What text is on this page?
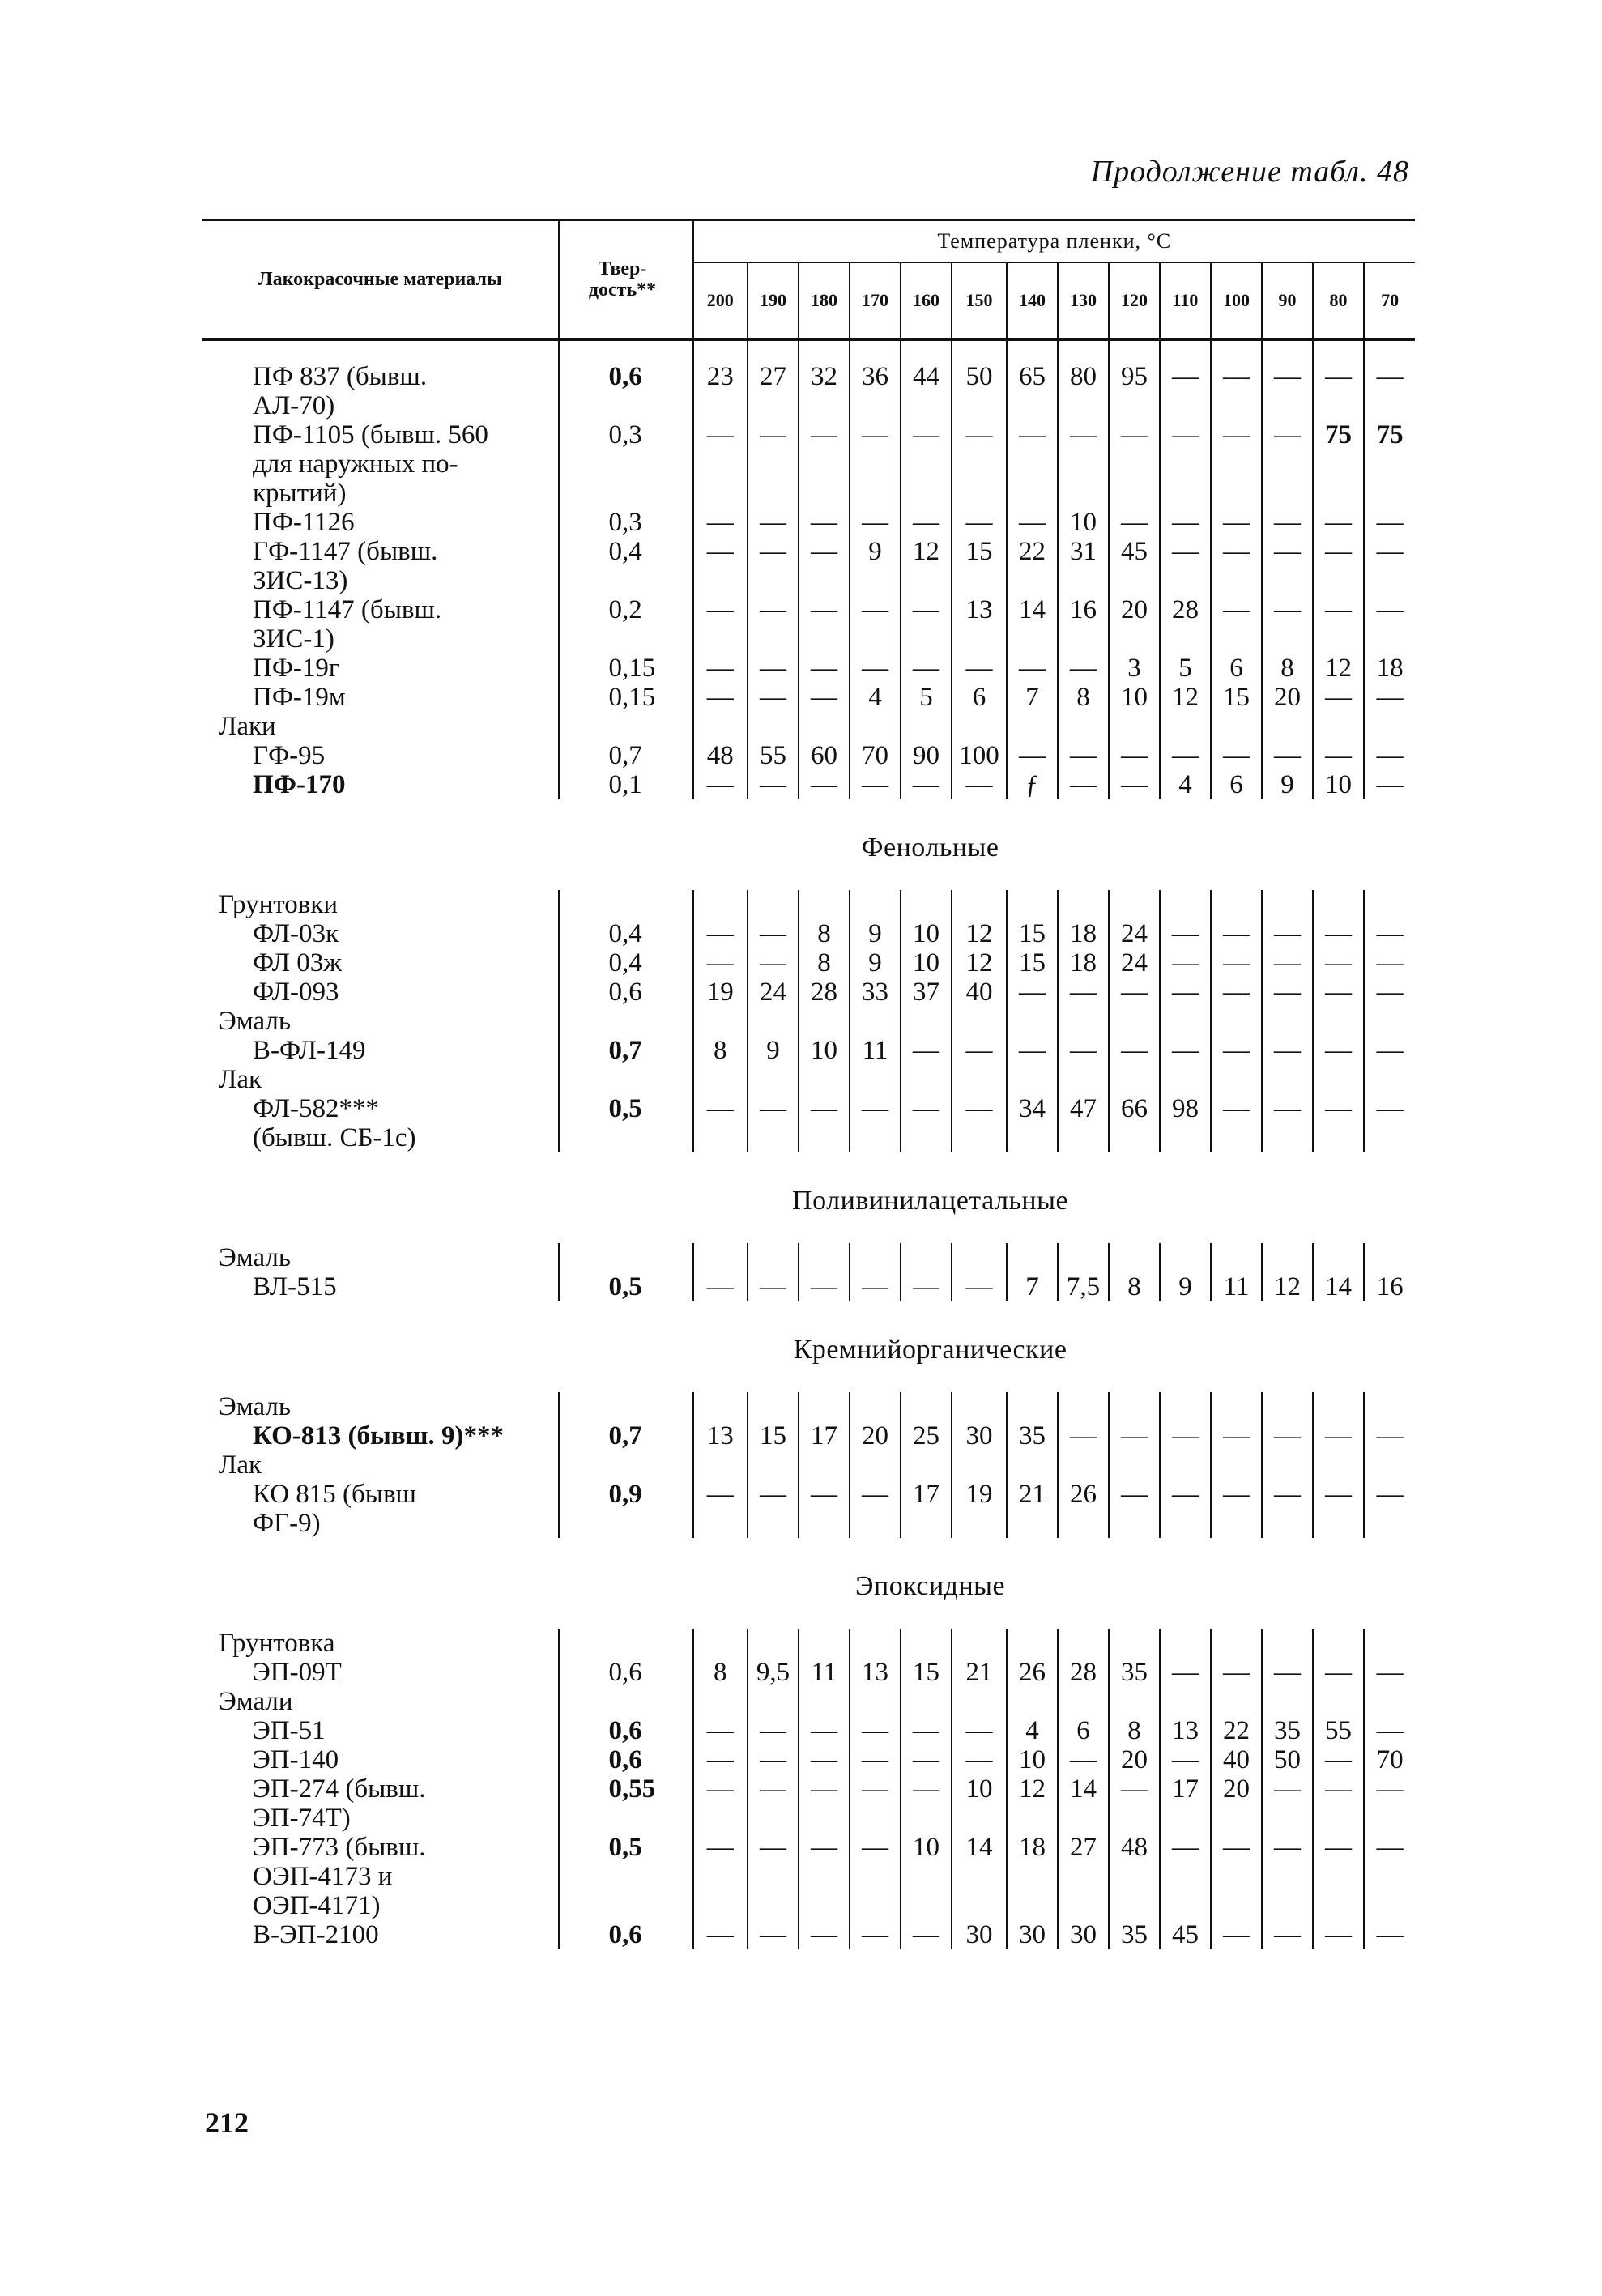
Продолжение табл. 48
Лакокрасочные материалы	Твер-
дость**	Температура пленки, °С													
		200	190	180	170	160	150	140	130	120	110	100	90	80	70

ПФ 837 (бывш.
АЛ-70)	0,6	23	27	32	36	44	50	65	80	95	—	—	—	—	—

ПФ-1105 (бывш. 560
для наружных по-
крытий)	0,3	—	—	—	—	—	—	—	—	—	—	—	—	75	75

ПФ-1126	0,3	—	—	—	—	—	—	—	10	—	—	—	—	—	—

ГФ-1147 (бывш.
ЗИС-13)	0,4	—	—	—	9	12	15	22	31	45	—	—	—	—	—

ПФ-1147 (бывш.
ЗИС-1)	0,2	—	—	—	—	—	13	14	16	20	28	—	—	—	—

ПФ-19г	0,15	—	—	—	—	—	—	—	—	3	5	6	8	12	18

ПФ-19м	0,15	—	—	—	4	5	6	7	8	10	12	15	20	—	—

Лаки															

ГФ-95	0,7	48	55	60	70	90	100	—	—	—	—	—	—	—	—

ПФ-170	0,1	—	—	—	—	—	—	ƒ	—	—	4	6	9	10	—

Фенольные															

Грунтовки															

ФЛ-03к	0,4	—	—	8	9	10	12	15	18	24	—	—	—	—	—

ФЛ 03ж	0,4	—	—	8	9	10	12	15	18	24	—	—	—	—	—

ФЛ-093	0,6	19	24	28	33	37	40	—	—	—	—	—	—	—	—

Эмаль															

В-ФЛ-149	0,7	8	9	10	11	—	—	—	—	—	—	—	—	—	—

Лак															

ФЛ-582***
(бывш. СБ-1с)	0,5	—	—	—	—	—	—	34	47	66	98	—	—	—	—

Поливинилацетальные															

Эмаль															

ВЛ-515	0,5	—	—	—	—	—	—	7	7,5	8	9	11	12	14	16

Кремнийорганические															

Эмаль															

КО-813 (бывш. 9)***	0,7	13	15	17	20	25	30	35	—	—	—	—	—	—	—

Лак															

КО 815 (бывш
ФГ-9)	0,9	—	—	—	—	17	19	21	26	—	—	—	—	—	—

Эпоксидные															

Грунтовка															

ЭП-09Т	0,6	8	9,5	11	13	15	21	26	28	35	—	—	—	—	—

Эмали															

ЭП-51	0,6	—	—	—	—	—	—	4	6	8	13	22	35	55	—

ЭП-140	0,6	—	—	—	—	—	—	10	—	20	—	40	50	—	70

ЭП-274 (бывш.
ЭП-74Т)	0,55	—	—	—	—	—	10	12	14	—	17	20	—	—	—

ЭП-773 (бывш.
ОЭП-4173 и
ОЭП-4171)	0,5	—	—	—	—	10	14	18	27	48	—	—	—	—	—

В-ЭП-2100	0,6	—	—	—	—	—	30	30	30	35	45	—	—	—	—
212
